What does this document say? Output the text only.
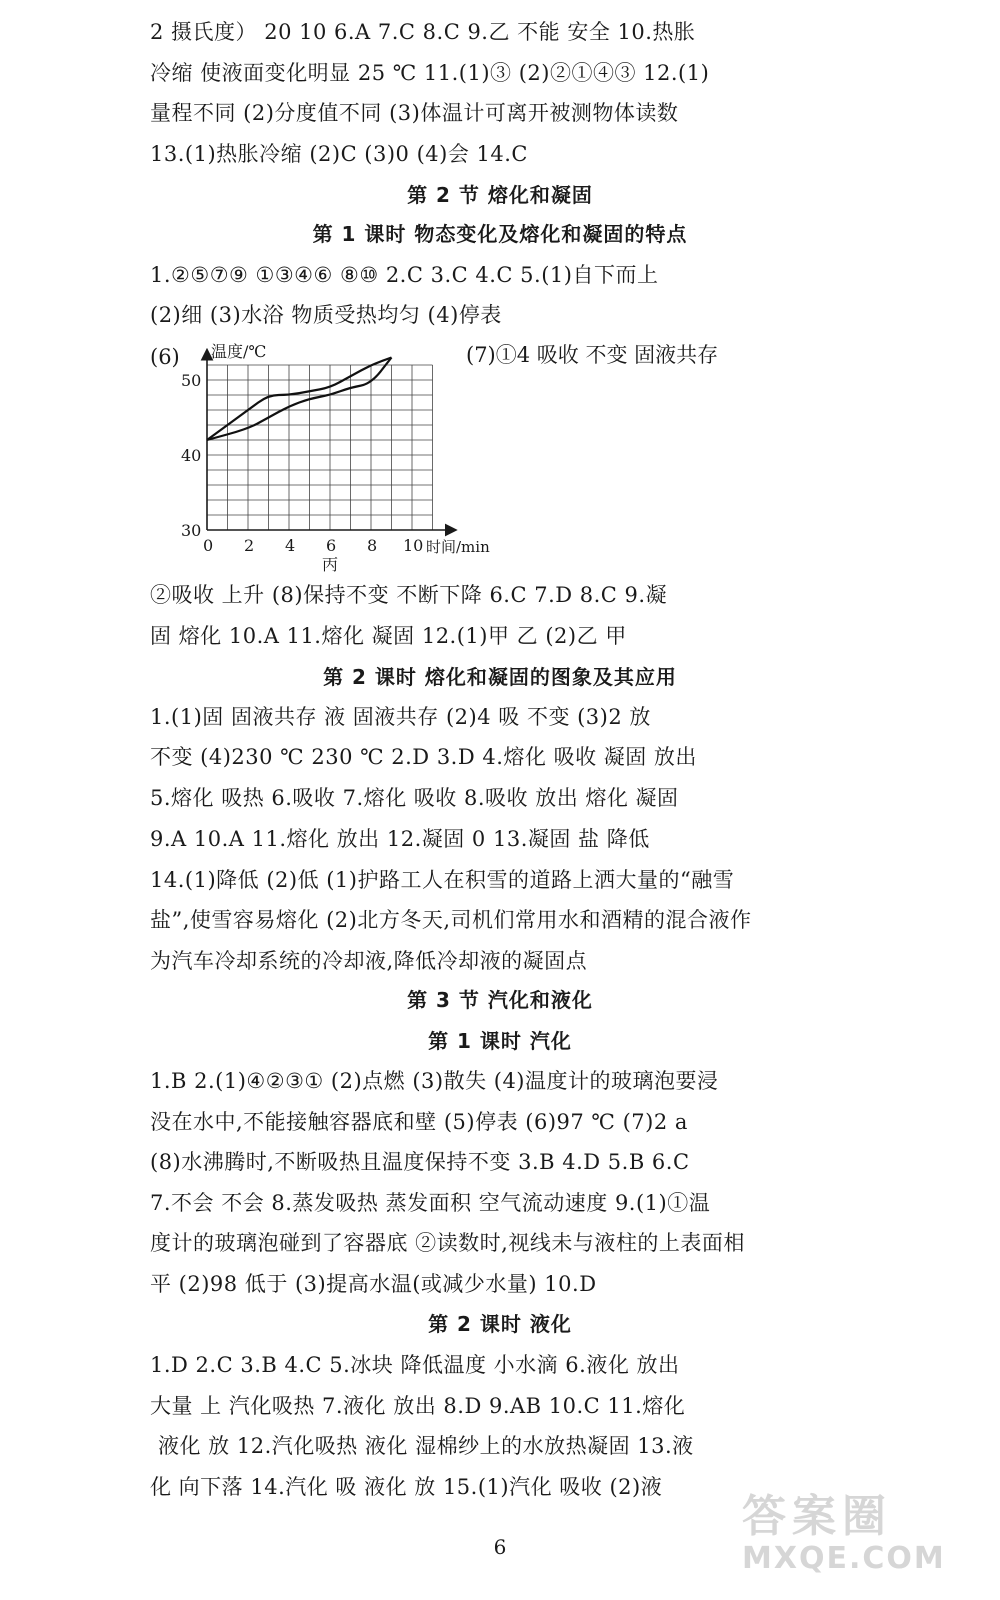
2 摄氏度） 20 10 6.A 7.C 8.C 9.乙 不能 安全 10.热胀
冷缩 使液面变化明显 25 ℃ 11.(1)③ (2)②①④③ 12.(1)
量程不同 (2)分度值不同 (3)体温计可离开被测物体读数
13.(1)热胀冷缩 (2)C (3)0 (4)会 14.C
第 2 节 熔化和凝固
第 1 课时 物态变化及熔化和凝固的特点
1.②⑤⑦⑨ ①③④⑥ ⑧⑩ 2.C 3.C 4.C 5.(1)自下而上
(2)细 (3)水浴 物质受热均匀 (4)停表
(6)	(7)①4 吸收 不变 固液共存
温度/℃
时间/min
丙
0 2 4 6 8 10
30
40
50
②吸收 上升 (8)保持不变 不断下降 6.C 7.D 8.C 9.凝
固 熔化 10.A 11.熔化 凝固 12.(1)甲 乙 (2)乙 甲
第 2 课时 熔化和凝固的图象及其应用
1.(1)固 固液共存 液 固液共存 (2)4 吸 不变 (3)2 放
不变 (4)230 ℃ 230 ℃ 2.D 3.D 4.熔化 吸收 凝固 放出
5.熔化 吸热 6.吸收 7.熔化 吸收 8.吸收 放出 熔化 凝固
9.A 10.A 11.熔化 放出 12.凝固 0 13.凝固 盐 降低
14.(1)降低 (2)低 (1)护路工人在积雪的道路上洒大量的“融雪
盐”,使雪容易熔化 (2)北方冬天,司机们常用水和酒精的混合液作
为汽车冷却系统的冷却液,降低冷却液的凝固点
第 3 节 汽化和液化
第 1 课时 汽化
1.B 2.(1)④②③① (2)点燃 (3)散失 (4)温度计的玻璃泡要浸
没在水中,不能接触容器底和壁 (5)停表 (6)97 ℃ (7)2 a
(8)水沸腾时,不断吸热且温度保持不变 3.B 4.D 5.B 6.C
7.不会 不会 8.蒸发吸热 蒸发面积 空气流动速度 9.(1)①温
度计的玻璃泡碰到了容器底 ②读数时,视线未与液柱的上表面相
平 (2)98 低于 (3)提高水温(或减少水量) 10.D
第 2 课时 液化
1.D 2.C 3.B 4.C 5.冰块 降低温度 小水滴 6.液化 放出
大量 上 汽化吸热 7.液化 放出 8.D 9.AB 10.C 11.熔化
液化 放 12.汽化吸热 液化 湿棉纱上的水放热凝固 13.液
化 向下落 14.汽化 吸 液化 放 15.(1)汽化 吸收 (2)液
6
答案圈
MXQE.COM
